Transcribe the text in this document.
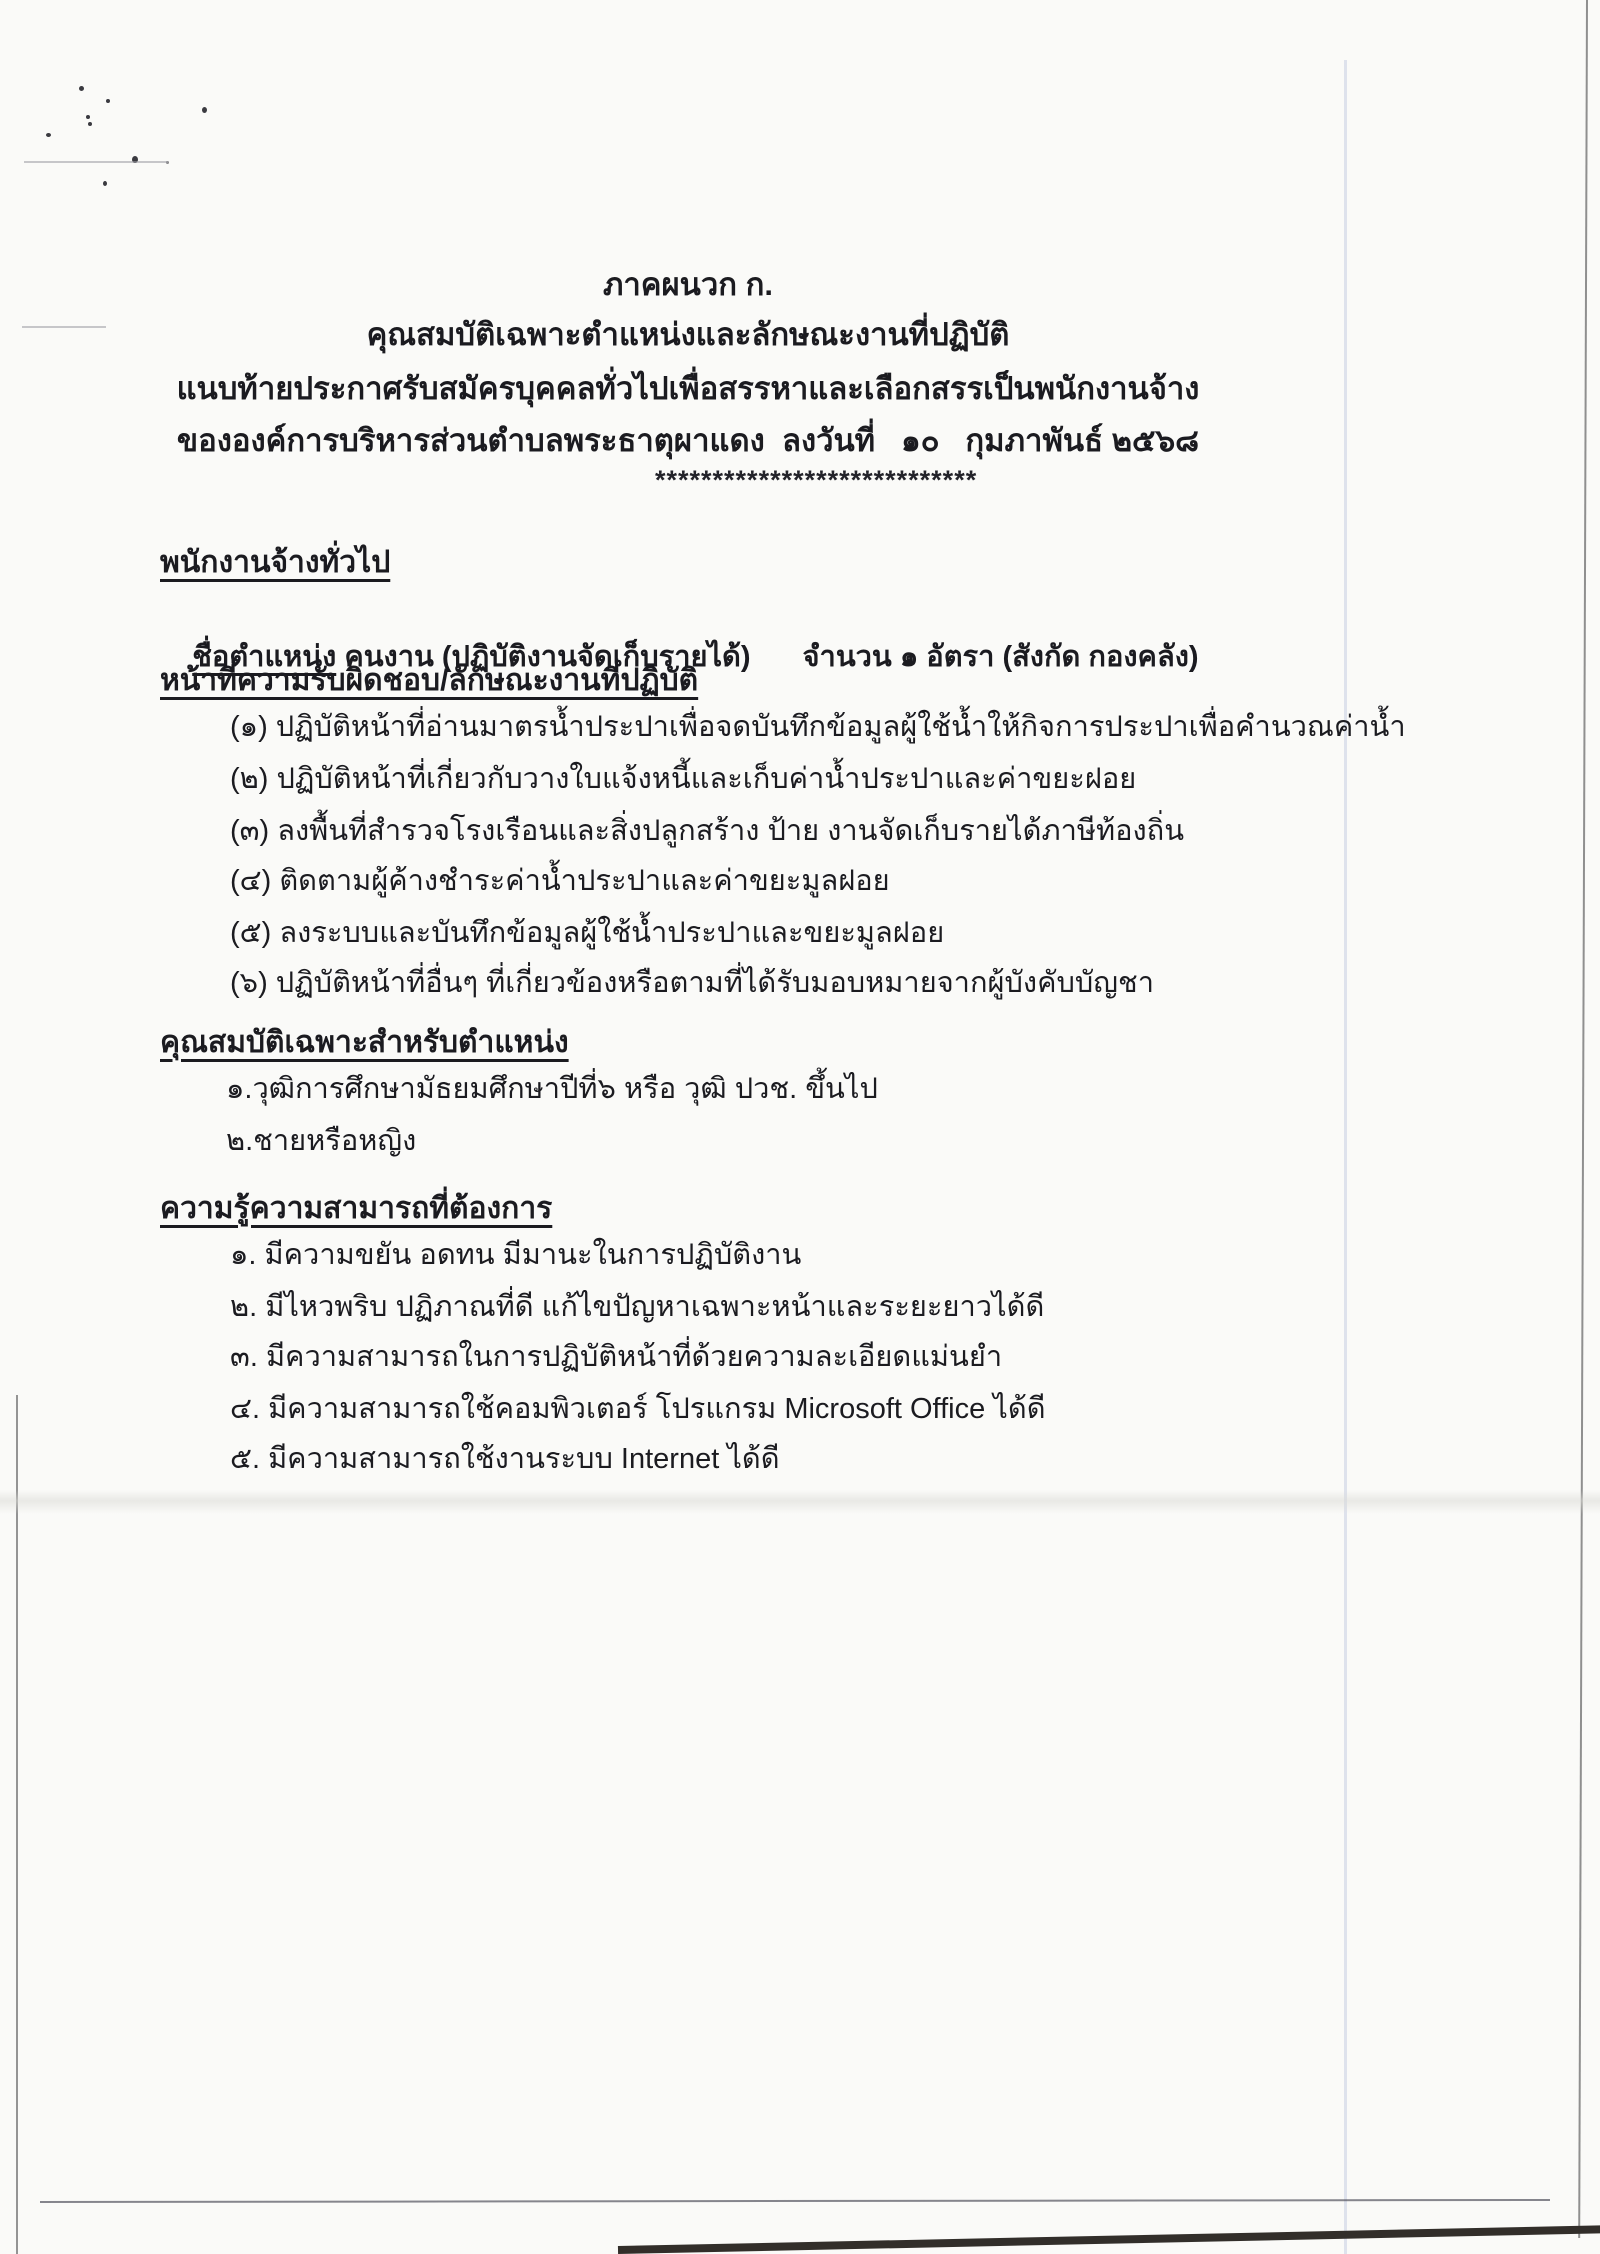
ภาคผนวก ก.
คุณสมบัติเฉพาะตำแหน่งและลักษณะงานที่ปฏิบัติ
แนบท้ายประกาศรับสมัครบุคคลทั่วไปเพื่อสรรหาและเลือกสรรเป็นพนักงานจ้าง
ขององค์การบริหารส่วนตำบลพระธาตุผาแดง  ลงวันที่   ๑๐   กุมภาพันธ์ ๒๕๖๘
****************************
พนักงานจ้างทั่วไป

ชื่อตำแหน่ง คนงาน (ปฏิบัติงานจัดเก็บรายได้) จำนวน ๑ อัตรา (สังกัด กองคลัง)

หน้าที่ความรับผิดชอบ/ลักษณะงานที่ปฏิบัติ
(๑) ปฏิบัติหน้าที่อ่านมาตรน้ำประปาเพื่อจดบันทึกข้อมูลผู้ใช้น้ำให้กิจการประปาเพื่อคำนวณค่าน้ำ
(๒) ปฏิบัติหน้าที่เกี่ยวกับวางใบแจ้งหนี้และเก็บค่าน้ำประปาและค่าขยะฝอย
(๓) ลงพื้นที่สำรวจโรงเรือนและสิ่งปลูกสร้าง ป้าย งานจัดเก็บรายได้ภาษีท้องถิ่น
(๔) ติดตามผู้ค้างชำระค่าน้ำประปาและค่าขยะมูลฝอย
(๕) ลงระบบและบันทึกข้อมูลผู้ใช้น้ำประปาและขยะมูลฝอย
(๖) ปฏิบัติหน้าที่อื่นๆ ที่เกี่ยวข้องหรือตามที่ได้รับมอบหมายจากผู้บังคับบัญชา
คุณสมบัติเฉพาะสำหรับตำแหน่ง
๑.วุฒิการศึกษามัธยมศึกษาปีที่๖ หรือ วุฒิ ปวช. ขึ้นไป
๒.ชายหรือหญิง
ความรู้ความสามารถที่ต้องการ
๑. มีความขยัน อดทน มีมานะในการปฏิบัติงาน
๒. มีไหวพริบ ปฏิภาณที่ดี แก้ไขปัญหาเฉพาะหน้าและระยะยาวได้ดี
๓. มีความสามารถในการปฏิบัติหน้าที่ด้วยความละเอียดแม่นยำ
๔. มีความสามารถใช้คอมพิวเตอร์ โปรแกรม Microsoft Office ได้ดี
๕. มีความสามารถใช้งานระบบ Internet ได้ดี
